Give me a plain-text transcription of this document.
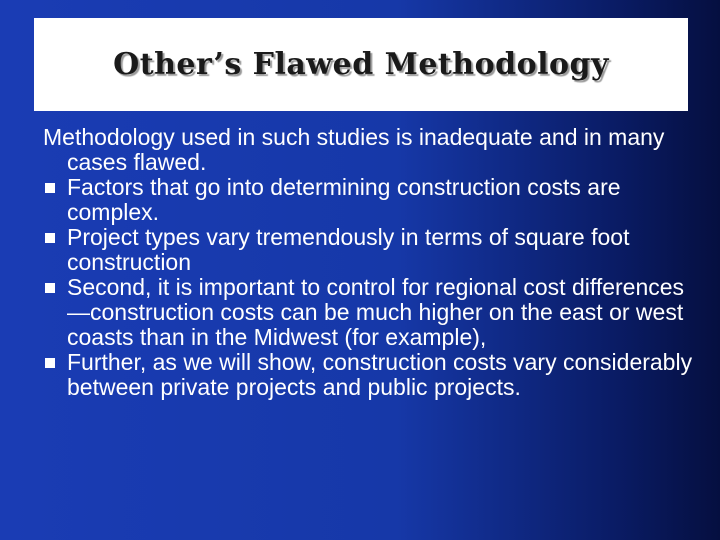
Other’s Flawed Methodology
Methodology used in such studies is inadequate and in many cases flawed.
Factors that go into determining construction costs are complex.
Project types vary tremendously in terms of square foot construction
Second, it is important to control for regional cost differences—construction costs can be much higher on the east or west coasts than in the Midwest (for example),
Further, as we will show, construction costs vary considerably between private projects and public projects.
